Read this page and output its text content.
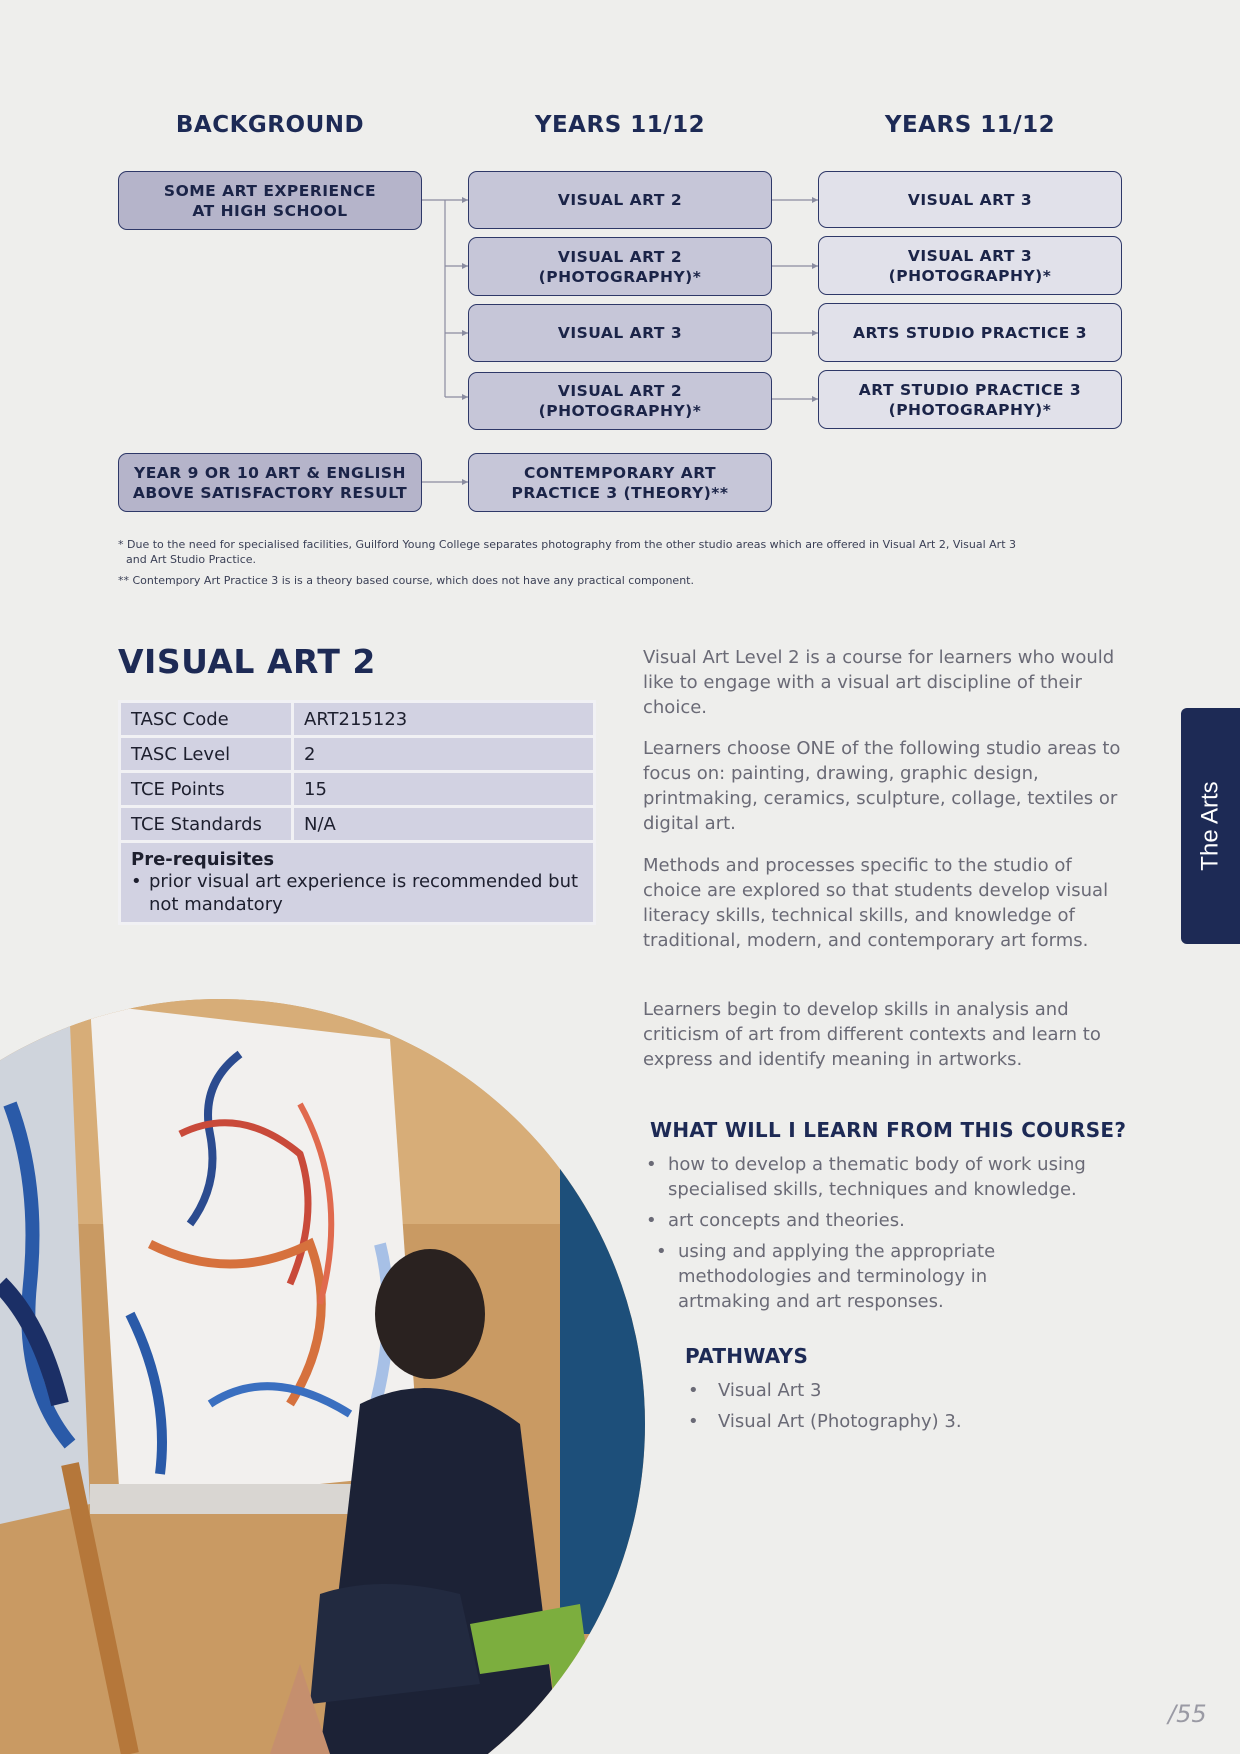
BACKGROUND	YEARS 11/12	YEARS 11/12
SOME ART EXPERIENCE
AT HIGH SCHOOL
YEAR 9 OR 10 ART & ENGLISH
ABOVE SATISFACTORY RESULT
VISUAL ART 2
VISUAL ART 2
(PHOTOGRAPHY)*
VISUAL ART 3
VISUAL ART 2
(PHOTOGRAPHY)*
CONTEMPORARY ART
PRACTICE 3 (THEORY)**
VISUAL ART 3
VISUAL ART 3
(PHOTOGRAPHY)*
ARTS STUDIO PRACTICE 3
ART STUDIO PRACTICE 3
(PHOTOGRAPHY)*
* Due to the need for specialised facilities, Guilford Young College separates photography from the other studio areas which are offered in Visual Art 2, Visual Art 3
and Art Studio Practice.
** Contempory Art Practice 3 is is a theory based course, which does not have any practical component.
VISUAL ART 2
TASC Code	ART215123
TASC Level	2
TCE Points	15
TCE Standards	N/A

Pre-requisites
• prior visual art experience is recommended but not mandatory
Visual Art Level 2 is a course for learners who would like to engage with a visual art discipline of their choice.
Learners choose ONE of the following studio areas to focus on: painting, drawing, graphic design, printmaking, ceramics, sculpture, collage, textiles or digital art.
Methods and processes specific to the studio of choice are explored so that students develop visual literacy skills, technical skills, and knowledge of traditional, modern, and contemporary art forms.
Learners begin to develop skills in analysis and criticism of art from different contexts and learn to express and identify meaning in artworks.
WHAT WILL I LEARN FROM THIS COURSE?
• how to develop a thematic body of work using specialised skills, techniques and knowledge.
• art concepts and theories.
• using and applying the appropriate methodologies and terminology in artmaking and art responses.
PATHWAYS
• Visual Art 3
• Visual Art (Photography) 3.
The Arts
/55
